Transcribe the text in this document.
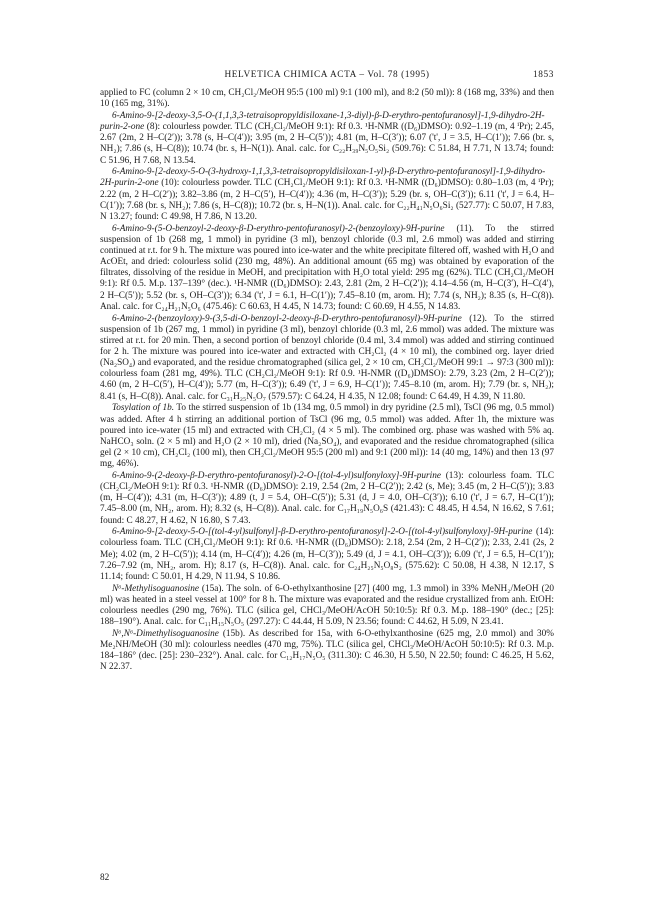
HELVETICA CHIMICA ACTA – Vol. 78 (1995)	1853

applied to FC (column 2 × 10 cm, CH₂Cl₂/MeOH 95:5 (100 ml) 9:1 (100 ml), and 8:2 (50 ml)): 8 (168 mg, 33%) and then 10 (165 mg, 31%).

6-Amino-9-[2-deoxy-3,5-O-(1,1,3,3-tetraisopropyldisiloxane-1,3-diyl)-β-D-erythro-pentofuranosyl]-1,9-dihydro-2H-purin-2-one (8): colourless powder. TLC (CH₂Cl₂/MeOH 9:1): Rf 0.3. ¹H-NMR ((D₆)DMSO): 0.92–1.19 (m, 4 ⁱPr); 2.45, 2.67 (2m, 2 H–C(2′)); 3.78 (s, H–C(4′)); 3.95 (m, 2 H–C(5′)); 4.81 (m, H–C(3′)); 6.07 ('t', J = 3.5, H–C(1′)); 7.66 (br. s, NH₂); 7.86 (s, H–C(8)); 10.74 (br. s, H–N(1)). Anal. calc. for C₂₂H₃₉N₅O₅Si₂ (509.76): C 51.84, H 7.71, N 13.74; found: C 51.96, H 7.68, N 13.54.

6-Amino-9-[2-deoxy-5-O-(3-hydroxy-1,1,3,3-tetraisopropyldisiloxan-1-yl)-β-D-erythro-pentofuranosyl]-1,9-dihydro-2H-purin-2-one (10): colourless powder. TLC (CH₂Cl₂/MeOH 9:1): Rf 0.3. ¹H-NMR ((D₆)DMSO): 0.80–1.03 (m, 4 ⁱPr); 2.22 (m, 2 H–C(2′)); 3.82–3.86 (m, 2 H–C(5′), H–C(4′)); 4.36 (m, H–C(3′)); 5.29 (br. s, OH–C(3′)); 6.11 ('t', J = 6.4, H–C(1′)); 7.68 (br. s, NH₂); 7.86 (s, H–C(8)); 10.72 (br. s, H–N(1)). Anal. calc. for C₂₂H₄₁N₅O₆Si₂ (527.77): C 50.07, H 7.83, N 13.27; found: C 49.98, H 7.86, N 13.20.

6-Amino-9-(5-O-benzoyl-2-deoxy-β-D-erythro-pentofuranosyl)-2-(benzoyloxy)-9H-purine (11). To the stirred suspension of 1b (268 mg, 1 mmol) in pyridine (3 ml), benzoyl chloride (0.3 ml, 2.6 mmol) was added and stirring continued at r.t. for 9 h. The mixture was poured into ice-water and the white precipitate filtered off, washed with H₂O and AcOEt, and dried: colourless solid (230 mg, 48%). An additional amount (65 mg) was obtained by evaporation of the filtrates, dissolving of the residue in MeOH, and precipitation with H₂O total yield: 295 mg (62%). TLC (CH₂Cl₂/MeOH 9:1): Rf 0.5. M.p. 137–139° (dec.). ¹H-NMR ((D₆)DMSO): 2.43, 2.81 (2m, 2 H–C(2′)); 4.14–4.56 (m, H–C(3′), H–C(4′), 2 H–C(5′)); 5.52 (br. s, OH–C(3′)); 6.34 ('t', J = 6.1, H–C(1′)); 7.45–8.10 (m, arom. H); 7.74 (s, NH₂); 8.35 (s, H–C(8)). Anal. calc. for C₂₄H₂₁N₅O₆ (475.46): C 60.63, H 4.45, N 14.73; found: C 60.69, H 4.55, N 14.83.

6-Amino-2-(benzoyloxy)-9-(3,5-di-O-benzoyl-2-deoxy-β-D-erythro-pentofuranosyl)-9H-purine (12). To the stirred suspension of 1b (267 mg, 1 mmol) in pyridine (3 ml), benzoyl chloride (0.3 ml, 2.6 mmol) was added. The mixture was stirred at r.t. for 20 min. Then, a second portion of benzoyl chloride (0.4 ml, 3.4 mmol) was added and stirring continued for 2 h. The mixture was poured into ice-water and extracted with CH₂Cl₂ (4 × 10 ml), the combined org. layer dried (Na₂SO₄) and evaporated, and the residue chromatographed (silica gel, 2 × 10 cm, CH₂Cl₂/MeOH 99:1 → 97:3 (300 ml)): colourless foam (281 mg, 49%). TLC (CH₂Cl₂/MeOH 9:1): Rf 0.9. ¹H-NMR ((D₆)DMSO): 2.79, 3.23 (2m, 2 H–C(2′)); 4.60 (m, 2 H–C(5′), H–C(4′)); 5.77 (m, H–C(3′)); 6.49 ('t', J = 6.9, H–C(1′)); 7.45–8.10 (m, arom. H); 7.79 (br. s, NH₂); 8.41 (s, H–C(8)). Anal. calc. for C₃₁H₂₅N₅O₇ (579.57): C 64.24, H 4.35, N 12.08; found: C 64.49, H 4.39, N 11.80.

Tosylation of 1b. To the stirred suspension of 1b (134 mg, 0.5 mmol) in dry pyridine (2.5 ml), TsCl (96 mg, 0.5 mmol) was added. After 4 h stirring an additional portion of TsCl (96 mg, 0.5 mmol) was added. After 1h, the mixture was poured into ice-water (15 ml) and extracted with CH₂Cl₂ (4 × 5 ml). The combined org. phase was washed with 5% aq. NaHCO₃ soln. (2 × 5 ml) and H₂O (2 × 10 ml), dried (Na₂SO₄), and evaporated and the residue chromatographed (silica gel (2 × 10 cm), CH₂Cl₂ (100 ml), then CH₂Cl₂/MeOH 95:5 (200 ml) and 9:1 (200 ml)): 14 (40 mg, 14%) and then 13 (97 mg, 46%).

6-Amino-9-(2-deoxy-β-D-erythro-pentofuranosyl)-2-O-[(tol-4-yl)sulfonyloxy]-9H-purine (13): colourless foam. TLC (CH₂Cl₂/MeOH 9:1): Rf 0.3. ¹H-NMR ((D₆)DMSO): 2.19, 2.54 (2m, 2 H–C(2′)); 2.42 (s, Me); 3.45 (m, 2 H–C(5′)); 3.83 (m, H–C(4′)); 4.31 (m, H–C(3′)); 4.89 (t, J = 5.4, OH–C(5′)); 5.31 (d, J = 4.0, OH–C(3′)); 6.10 ('t', J = 6.7, H–C(1′)); 7.45–8.00 (m, NH₂, arom. H); 8.32 (s, H–C(8)). Anal. calc. for C₁₇H₁₉N₅O₆S (421.43): C 48.45, H 4.54, N 16.62, S 7.61; found: C 48.27, H 4.62, N 16.80, S 7.43.

6-Amino-9-[2-deoxy-5-O-[(tol-4-yl)sulfonyl]-β-D-erythro-pentofuranosyl]-2-O-[(tol-4-yl)sulfonyloxy]-9H-purine (14): colourless foam. TLC (CH₂Cl₂/MeOH 9:1): Rf 0.6. ¹H-NMR ((D₆)DMSO): 2.18, 2.54 (2m, 2 H–C(2′)); 2.33, 2.41 (2s, 2 Me); 4.02 (m, 2 H–C(5′)); 4.14 (m, H–C(4′)); 4.26 (m, H–C(3′)); 5.49 (d, J = 4.1, OH–C(3′)); 6.09 ('t', J = 6.5, H–C(1′)); 7.26–7.92 (m, NH₂, arom. H); 8.17 (s, H–C(8)). Anal. calc. for C₂₄H₂₅N₅O₈S₂ (575.62): C 50.08, H 4.38, N 12.17, S 11.14; found: C 50.01, H 4.29, N 11.94, S 10.86.

N⁶-Methylisoguanosine (15a). The soln. of 6-O-ethylxanthosine [27] (400 mg, 1.3 mmol) in 33% MeNH₂/MeOH (20 ml) was heated in a steel vessel at 100° for 8 h. The mixture was evaporated and the residue crystallized from anh. EtOH: colourless needles (290 mg, 76%). TLC (silica gel, CHCl₃/MeOH/AcOH 50:10:5): Rf 0.3. M.p. 188–190° (dec.; [25]: 188–190°). Anal. calc. for C₁₁H₁₅N₅O₅ (297.27): C 44.44, H 5.09, N 23.56; found: C 44.62, H 5.09, N 23.41.

N⁶,N⁶-Dimethylisoguanosine (15b). As described for 15a, with 6-O-ethylxanthosine (625 mg, 2.0 mmol) and 30% Me₂NH/MeOH (30 ml): colourless needles (470 mg, 75%). TLC (silica gel, CHCl₃/MeOH/AcOH 50:10:5): Rf 0.3. M.p. 184–186° (dec. [25]: 230–232°). Anal. calc. for C₁₂H₁₇N₅O₅ (311.30): C 46.30, H 5.50, N 22.50; found: C 46.25, H 5.62, N 22.37.

82
